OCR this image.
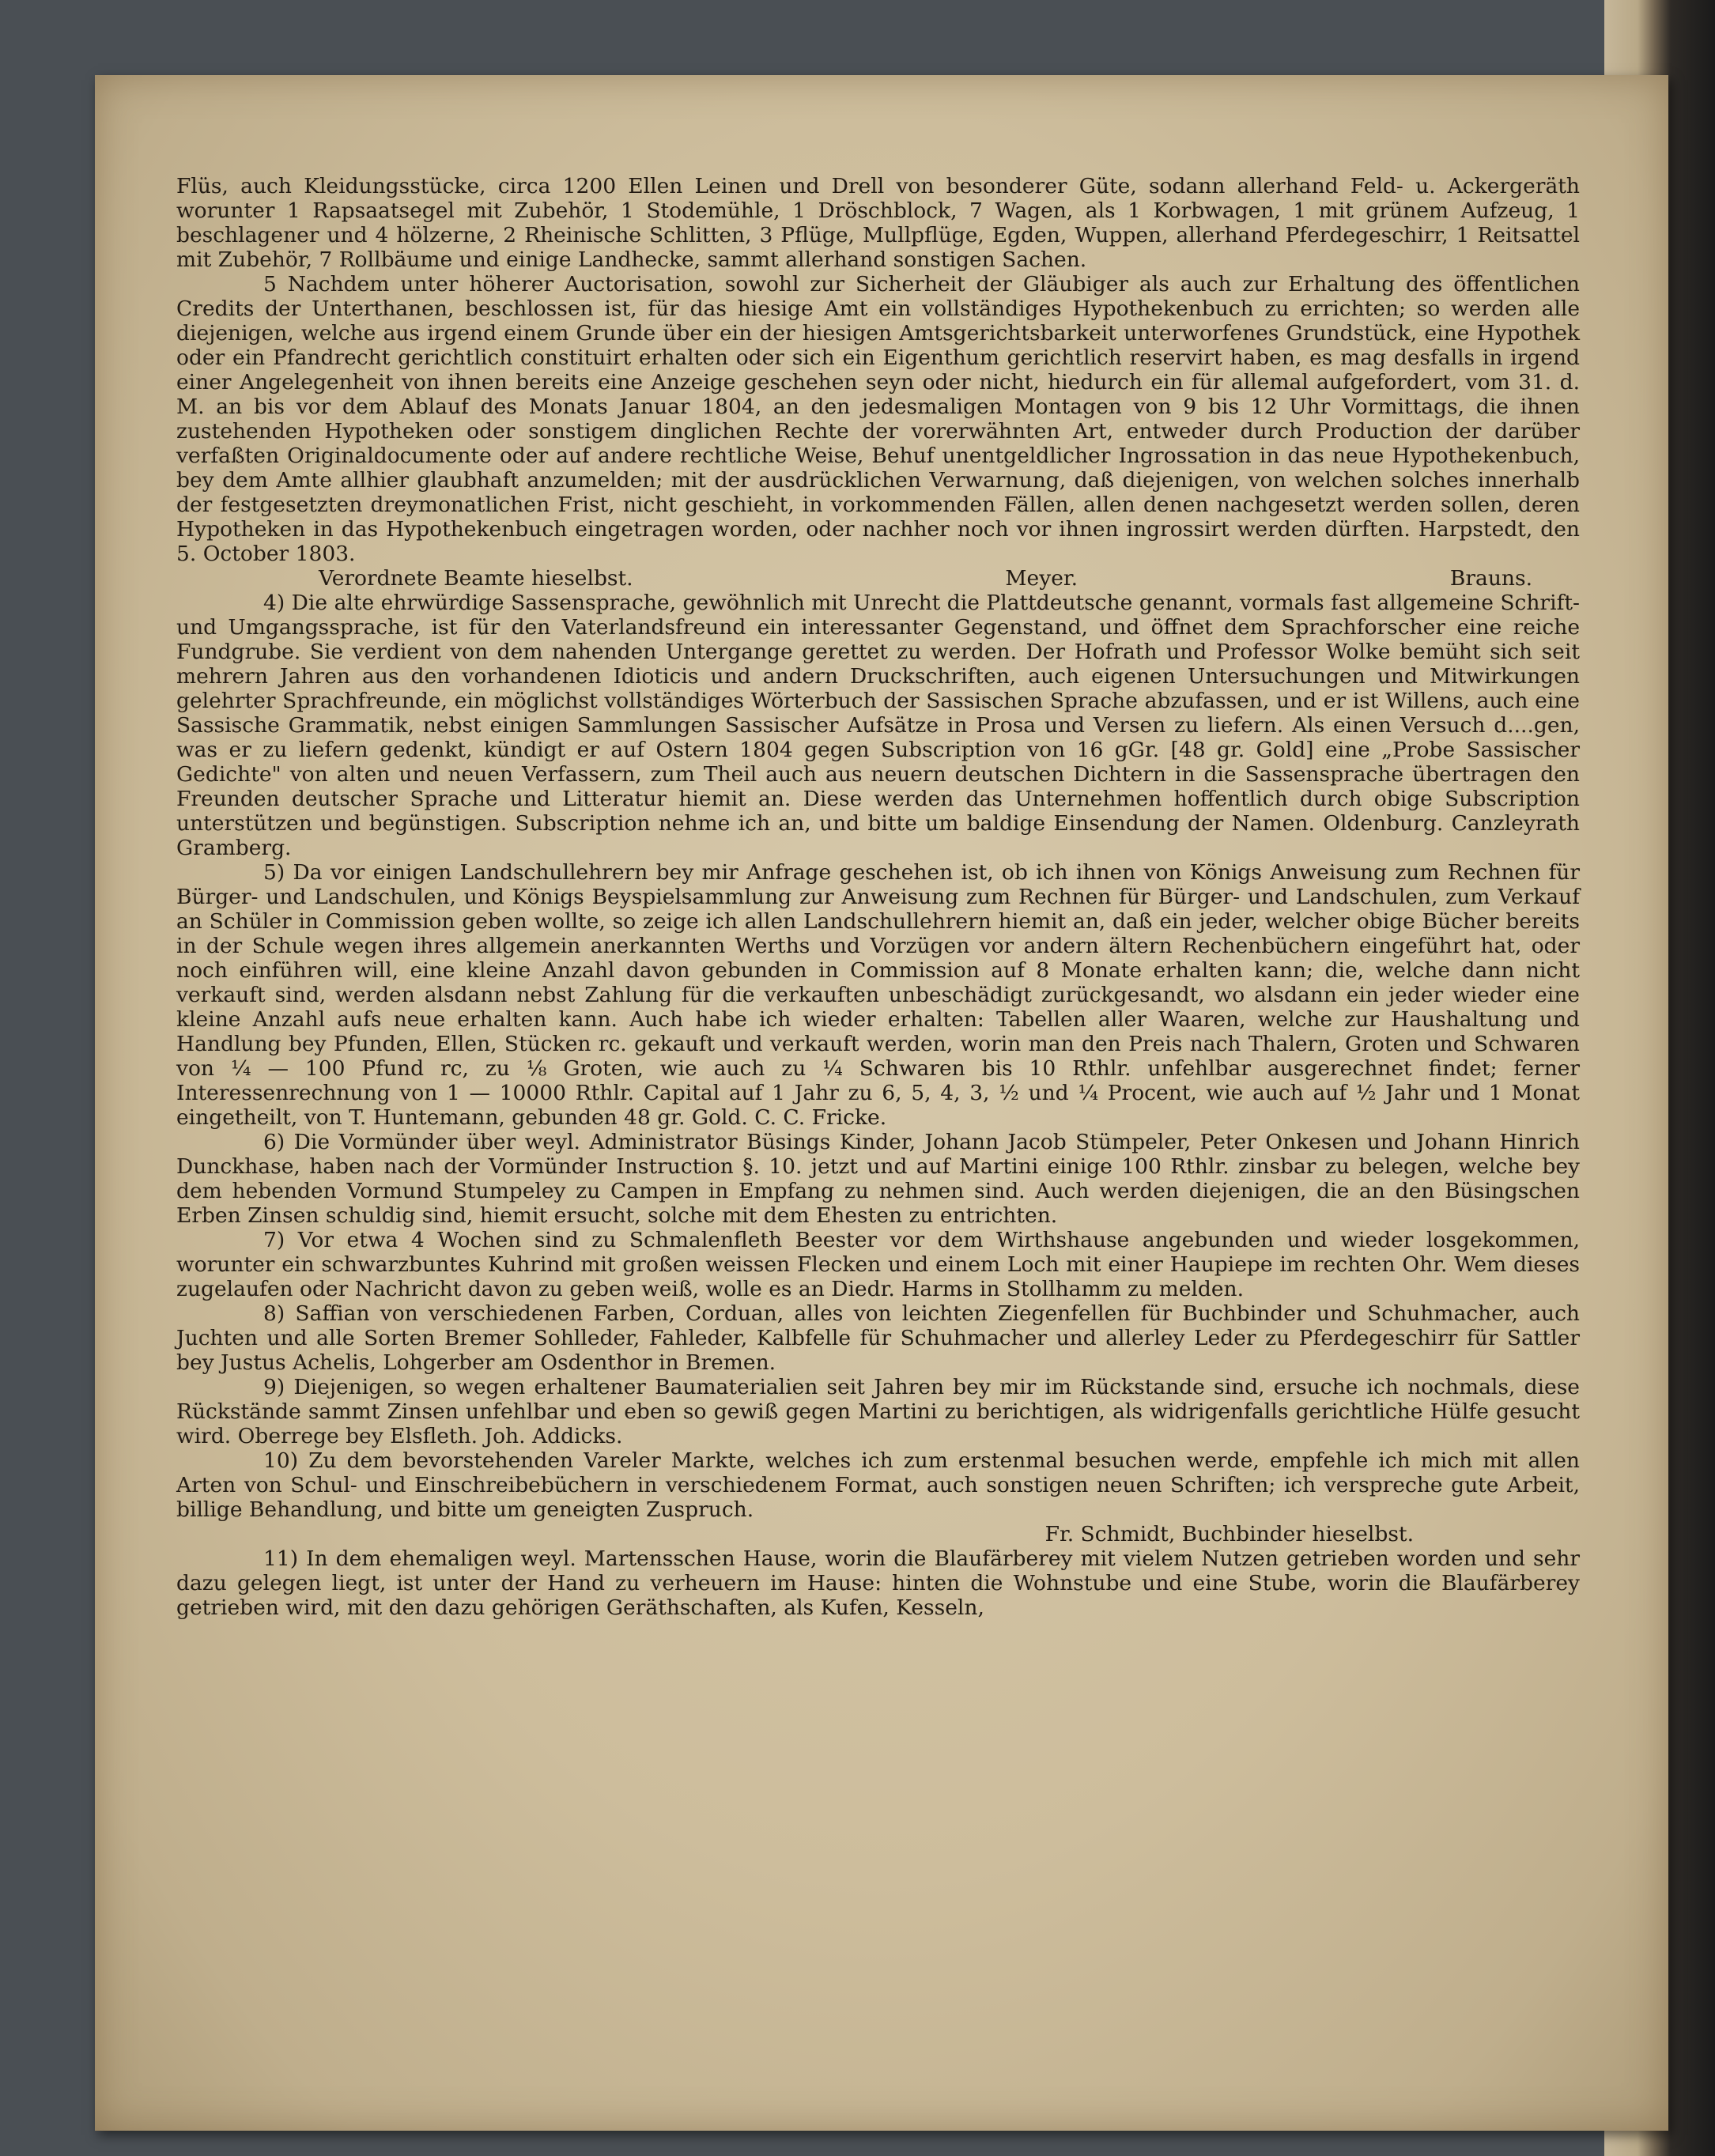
Flüs, auch Kleidungsstücke, circa 1200 Ellen Leinen und Drell von besonderer Güte, sodann allerhand Feld- u. Ackergeräth worunter 1 Rapsaatsegel mit Zubehör, 1 Stodemühle, 1 Dröschblock, 7 Wagen, als 1 Korbwagen, 1 mit grünem Aufzeug, 1 beschlagener und 4 hölzerne, 2 Rheinische Schlitten, 3 Pflüge, Mullpflüge, Egden, Wuppen, allerhand Pferdegeschirr, 1 Reitsattel mit Zubehör, 7 Rollbäume und einige Landhecke, sammt allerhand sonstigen Sachen.

5 Nachdem unter höherer Auctorisation, sowohl zur Sicherheit der Gläubiger als auch zur Erhaltung des öffentlichen Credits der Unterthanen, beschlossen ist, für das hiesige Amt ein vollständiges Hypothekenbuch zu errichten; so werden alle diejenigen, welche aus irgend einem Grunde über ein der hiesigen Amtsgerichtsbarkeit unterworfenes Grundstück, eine Hypothek oder ein Pfandrecht gerichtlich constituirt erhalten oder sich ein Eigenthum gerichtlich reservirt haben, es mag desfalls in irgend einer Angelegenheit von ihnen bereits eine Anzeige geschehen seyn oder nicht, hiedurch ein für allemal aufgefordert, vom 31. d. M. an bis vor dem Ablauf des Monats Januar 1804, an den jedesmaligen Montagen von 9 bis 12 Uhr Vormittags, die ihnen zustehenden Hypotheken oder sonstigem dinglichen Rechte der vorerwähnten Art, entweder durch Production der darüber verfaßten Originaldocumente oder auf andere rechtliche Weise, Behuf unentgeldlicher Ingrossation in das neue Hypothekenbuch, bey dem Amte allhier glaubhaft anzumelden; mit der ausdrücklichen Verwarnung, daß diejenigen, von welchen solches innerhalb der festgesetzten dreymonatlichen Frist, nicht geschieht, in vorkommenden Fällen, allen denen nachgesetzt werden sollen, deren Hypotheken in das Hypothekenbuch eingetragen worden, oder nachher noch vor ihnen ingrossirt werden dürften. Harpstedt, den 5. October 1803.

Verordnete Beamte hieselbst.	Meyer.	Brauns.

4) Die alte ehrwürdige Sassensprache, gewöhnlich mit Unrecht die Plattdeutsche genannt, vormals fast allgemeine Schrift- und Umgangssprache, ist für den Vaterlandsfreund ein interessanter Gegenstand, und öffnet dem Sprachforscher eine reiche Fundgrube. Sie verdient von dem nahenden Untergange gerettet zu werden. Der Hofrath und Professor Wolke bemüht sich seit mehrern Jahren aus den vorhandenen Idioticis und andern Druckschriften, auch eigenen Untersuchungen und Mitwirkungen gelehrter Sprachfreunde, ein möglichst vollständiges Wörterbuch der Sassischen Sprache abzufassen, und er ist Willens, auch eine Sassische Grammatik, nebst einigen Sammlungen Sassischer Aufsätze in Prosa und Versen zu liefern. Als einen Versuch d....gen, was er zu liefern gedenkt, kündigt er auf Ostern 1804 gegen Subscription von 16 gGr. [48 gr. Gold] eine „Probe Sassischer Gedichte" von alten und neuen Verfassern, zum Theil auch aus neuern deutschen Dichtern in die Sassensprache übertragen den Freunden deutscher Sprache und Litteratur hiemit an. Diese werden das Unternehmen hoffentlich durch obige Subscription unterstützen und begünstigen. Subscription nehme ich an, und bitte um baldige Einsendung der Namen. Oldenburg. Canzleyrath Gramberg.

5) Da vor einigen Landschullehrern bey mir Anfrage geschehen ist, ob ich ihnen von Königs Anweisung zum Rechnen für Bürger- und Landschulen, und Königs Beyspielsammlung zur Anweisung zum Rechnen für Bürger- und Landschulen, zum Verkauf an Schüler in Commission geben wollte, so zeige ich allen Landschullehrern hiemit an, daß ein jeder, welcher obige Bücher bereits in der Schule wegen ihres allgemein anerkannten Werths und Vorzügen vor andern ältern Rechenbüchern eingeführt hat, oder noch einführen will, eine kleine Anzahl davon gebunden in Commission auf 8 Monate erhalten kann; die, welche dann nicht verkauft sind, werden alsdann nebst Zahlung für die verkauften unbeschädigt zurückgesandt, wo alsdann ein jeder wieder eine kleine Anzahl aufs neue erhalten kann. Auch habe ich wieder erhalten: Tabellen aller Waaren, welche zur Haushaltung und Handlung bey Pfunden, Ellen, Stücken rc. gekauft und verkauft werden, worin man den Preis nach Thalern, Groten und Schwaren von ¼ — 100 Pfund rc, zu ⅛ Groten, wie auch zu ¼ Schwaren bis 10 Rthlr. unfehlbar ausgerechnet findet; ferner Interessenrechnung von 1 — 10000 Rthlr. Capital auf 1 Jahr zu 6, 5, 4, 3, ½ und ¼ Procent, wie auch auf ½ Jahr und 1 Monat eingetheilt, von T. Huntemann, gebunden 48 gr. Gold. C. C. Fricke.

6) Die Vormünder über weyl. Administrator Büsings Kinder, Johann Jacob Stümpeler, Peter Onkesen und Johann Hinrich Dunckhase, haben nach der Vormünder Instruction §. 10. jetzt und auf Martini einige 100 Rthlr. zinsbar zu belegen, welche bey dem hebenden Vormund Stumpeley zu Campen in Empfang zu nehmen sind. Auch werden diejenigen, die an den Büsingschen Erben Zinsen schuldig sind, hiemit ersucht, solche mit dem Ehesten zu entrichten.

7) Vor etwa 4 Wochen sind zu Schmalenfleth Beester vor dem Wirthshause angebunden und wieder losgekommen, worunter ein schwarzbuntes Kuhrind mit großen weissen Flecken und einem Loch mit einer Haupiepe im rechten Ohr. Wem dieses zugelaufen oder Nachricht davon zu geben weiß, wolle es an Diedr. Harms in Stollhamm zu melden.

8) Saffian von verschiedenen Farben, Corduan, alles von leichten Ziegenfellen für Buchbinder und Schuhmacher, auch Juchten und alle Sorten Bremer Sohlleder, Fahleder, Kalbfelle für Schuhmacher und allerley Leder zu Pferdegeschirr für Sattler bey Justus Achelis, Lohgerber am Osdenthor in Bremen.

9) Diejenigen, so wegen erhaltener Baumaterialien seit Jahren bey mir im Rückstande sind, ersuche ich nochmals, diese Rückstände sammt Zinsen unfehlbar und eben so gewiß gegen Martini zu berichtigen, als widrigenfalls gerichtliche Hülfe gesucht wird. Oberrege bey Elsfleth. Joh. Addicks.

10) Zu dem bevorstehenden Vareler Markte, welches ich zum erstenmal besuchen werde, empfehle ich mich mit allen Arten von Schul- und Einschreibebüchern in verschiedenem Format, auch sonstigen neuen Schriften; ich verspreche gute Arbeit, billige Behandlung, und bitte um geneigten Zuspruch.

Fr. Schmidt, Buchbinder hieselbst.

11) In dem ehemaligen weyl. Martensschen Hause, worin die Blaufärberey mit vielem Nutzen getrieben worden und sehr dazu gelegen liegt, ist unter der Hand zu verheuern im Hause: hinten die Wohnstube und eine Stube, worin die Blaufärberey getrieben wird, mit den dazu gehörigen Geräthschaften, als Kufen, Kesseln,
